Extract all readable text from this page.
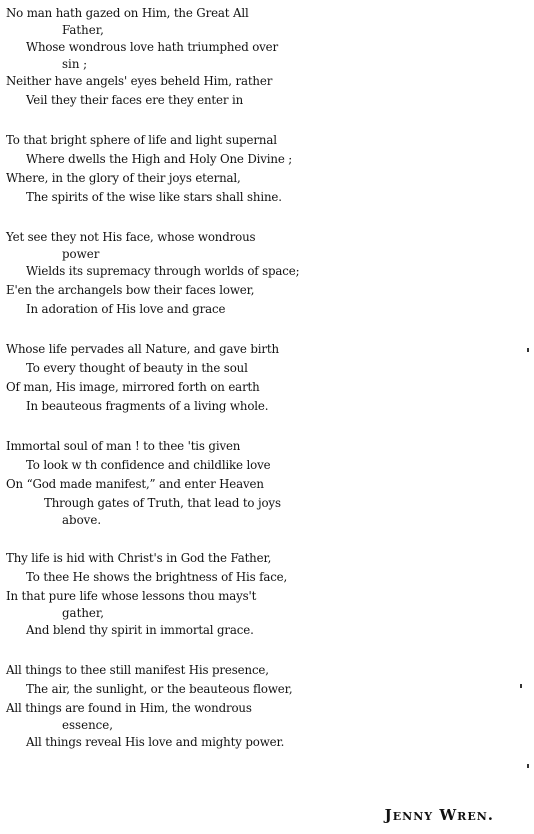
No man hath gazed on Him, the Great All
Father,
Whose wondrous love hath triumphed over
sin ;
Neither have angels' eyes beheld Him, rather
Veil they their faces ere they enter in
To that bright sphere of life and light supernal
Where dwells the High and Holy One Divine ;
Where, in the glory of their joys eternal,
The spirits of the wise like stars shall shine.
Yet see they not His face, whose wondrous
power
Wields its supremacy through worlds of space;
E'en the archangels bow their faces lower,
In adoration of His love and grace
Whose life pervades all Nature, and gave birth
To every thought of beauty in the soul
Of man, His image, mirrored forth on earth
In beauteous fragments of a living whole.
Immortal soul of man ! to thee 'tis given
To look w th confidence and childlike love
On “God made manifest,” and enter Heaven
Through gates of Truth, that lead to joys
above.
Thy life is hid with Christ's in God the Father,
To thee He shows the brightness of His face,
In that pure life whose lessons thou mays't
gather,
And blend thy spirit in immortal grace.
All things to thee still manifest His presence,
The air, the sunlight, or the beauteous flower,
All things are found in Him, the wondrous
essence,
All things reveal His love and mighty power.
Jenny Wren.
